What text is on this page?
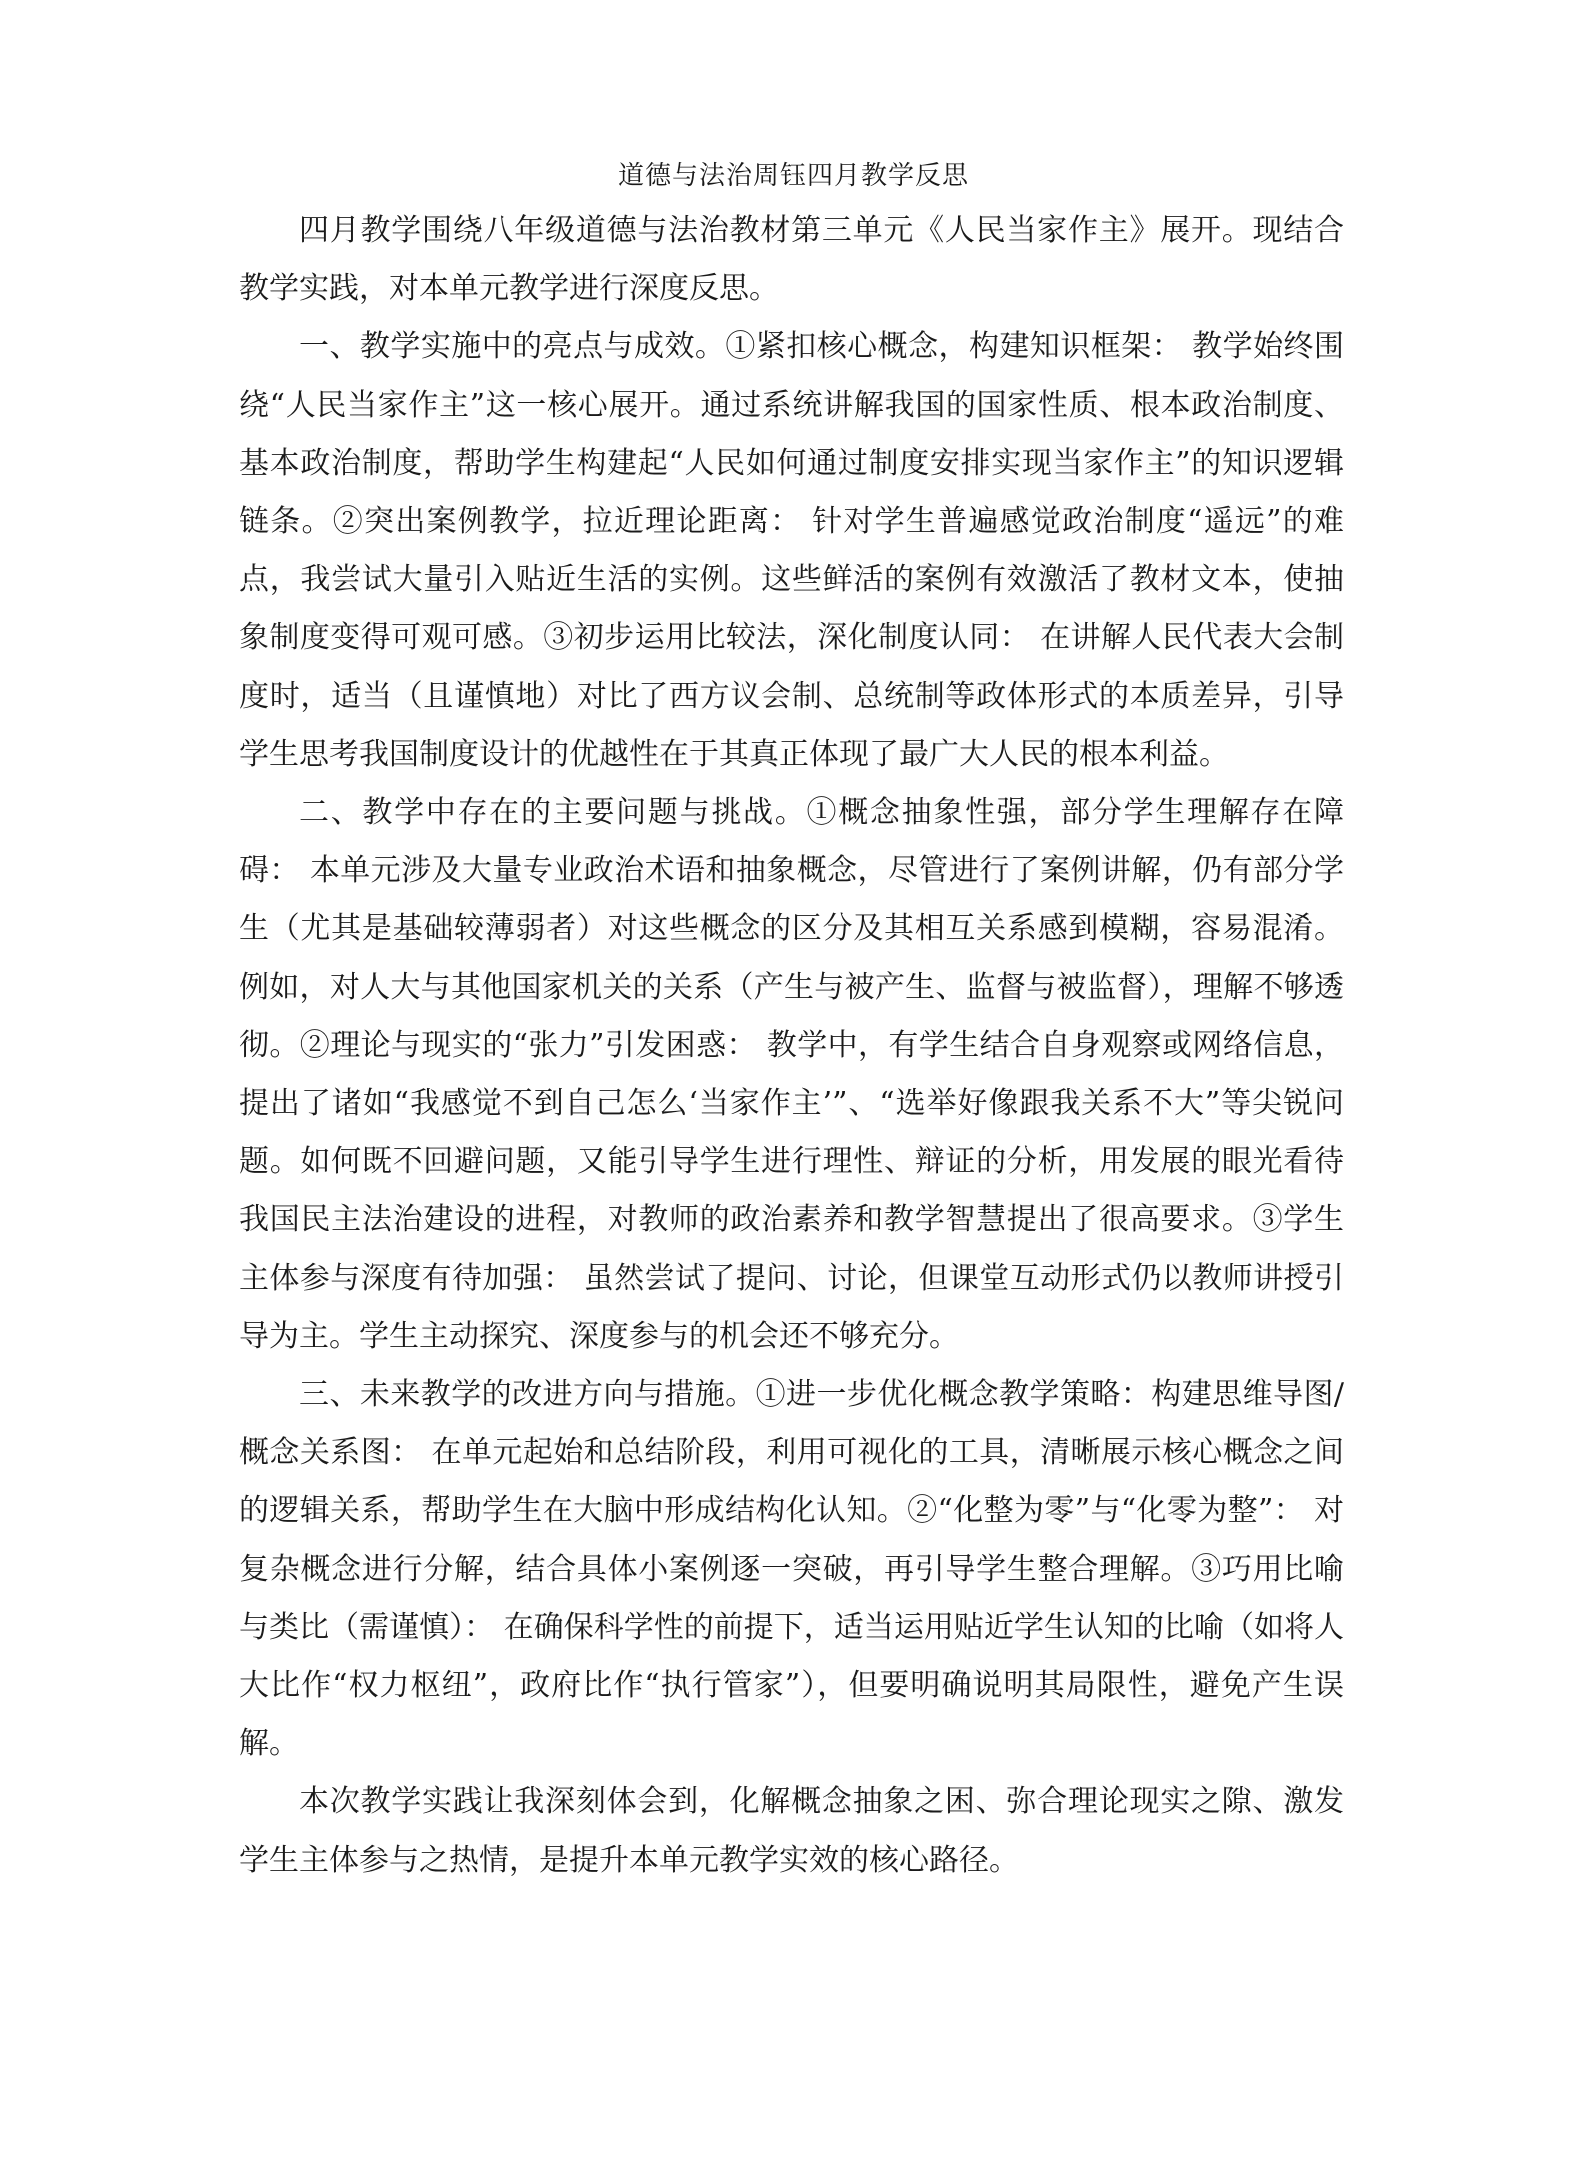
道德与法治周钰四月教学反思

四月教学围绕八年级道德与法治教材第三单元《人民当家作主》展开。现结合教学实践，对本单元教学进行深度反思。

一、教学实施中的亮点与成效。①紧扣核心概念，构建知识框架： 教学始终围绕“人民当家作主”这一核心展开。通过系统讲解我国的国家性质、根本政治制度、基本政治制度，帮助学生构建起“人民如何通过制度安排实现当家作主”的知识逻辑链条。②突出案例教学，拉近理论距离： 针对学生普遍感觉政治制度“遥远”的难点，我尝试大量引入贴近生活的实例。这些鲜活的案例有效激活了教材文本，使抽象制度变得可观可感。③初步运用比较法，深化制度认同： 在讲解人民代表大会制度时，适当（且谨慎地）对比了西方议会制、总统制等政体形式的本质差异，引导学生思考我国制度设计的优越性在于其真正体现了最广大人民的根本利益。

二、教学中存在的主要问题与挑战。①概念抽象性强，部分学生理解存在障碍： 本单元涉及大量专业政治术语和抽象概念，尽管进行了案例讲解，仍有部分学生（尤其是基础较薄弱者）对这些概念的区分及其相互关系感到模糊，容易混淆。例如，对人大与其他国家机关的关系（产生与被产生、监督与被监督），理解不够透彻。②理论与现实的“张力”引发困惑： 教学中，有学生结合自身观察或网络信息，提出了诸如“我感觉不到自己怎么‘当家作主’”、“选举好像跟我关系不大”等尖锐问题。如何既不回避问题，又能引导学生进行理性、辩证的分析，用发展的眼光看待我国民主法治建设的进程，对教师的政治素养和教学智慧提出了很高要求。③学生主体参与深度有待加强： 虽然尝试了提问、讨论，但课堂互动形式仍以教师讲授引导为主。学生主动探究、深度参与的机会还不够充分。

三、未来教学的改进方向与措施。①进一步优化概念教学策略：构建思维导图/概念关系图： 在单元起始和总结阶段，利用可视化的工具，清晰展示核心概念之间的逻辑关系，帮助学生在大脑中形成结构化认知。②“化整为零”与“化零为整”： 对复杂概念进行分解，结合具体小案例逐一突破，再引导学生整合理解。③巧用比喻与类比（需谨慎）： 在确保科学性的前提下，适当运用贴近学生认知的比喻（如将人大比作“权力枢纽”，政府比作“执行管家”），但要明确说明其局限性，避免产生误解。

本次教学实践让我深刻体会到，化解概念抽象之困、弥合理论现实之隙、激发学生主体参与之热情，是提升本单元教学实效的核心路径。
